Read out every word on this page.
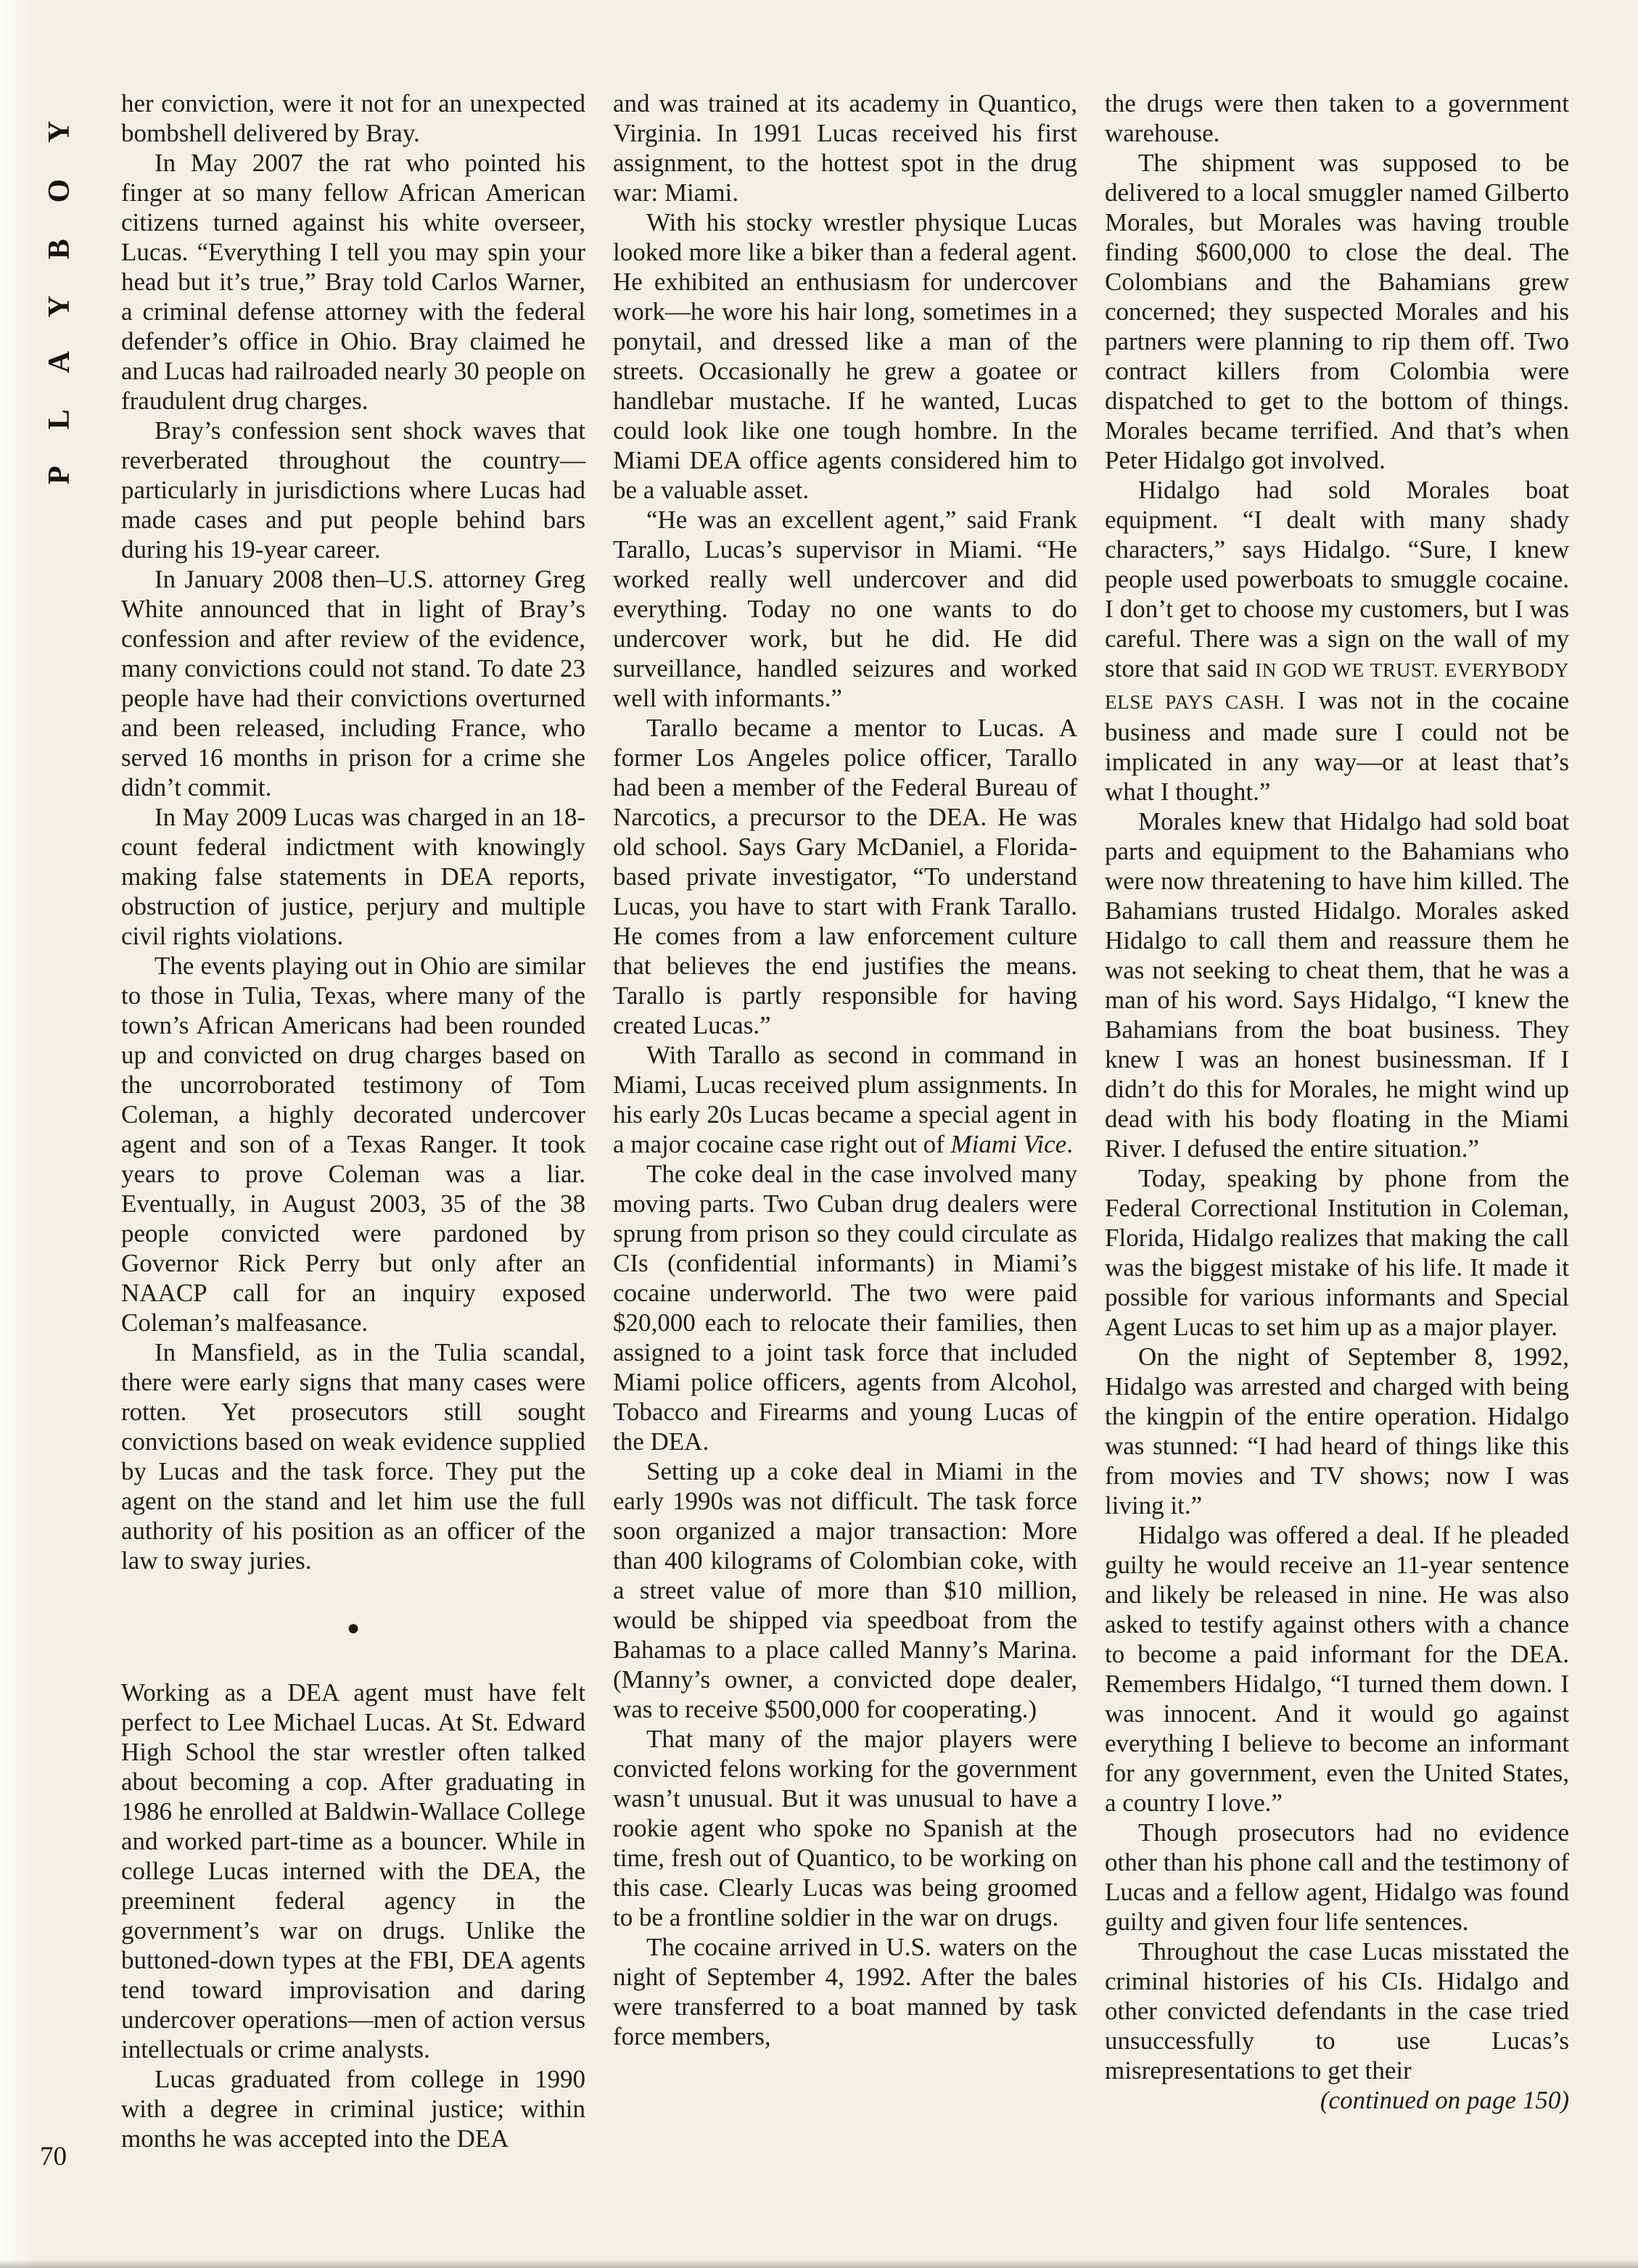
PLAYBOY
70

her conviction, were it not for an unexpected bombshell delivered by Bray.

In May 2007 the rat who pointed his finger at so many fellow African American citizens turned against his white overseer, Lucas. “Everything I tell you may spin your head but it’s true,” Bray told Carlos Warner, a criminal defense attorney with the federal defender’s office in Ohio. Bray claimed he and Lucas had railroaded nearly 30 people on fraudulent drug charges.

Bray’s confession sent shock waves that reverberated throughout the country—particularly in jurisdictions where Lucas had made cases and put people behind bars during his 19-year career.

In January 2008 then–U.S. attorney Greg White announced that in light of Bray’s confession and after review of the evidence, many convictions could not stand. To date 23 people have had their convictions overturned and been released, including France, who served 16 months in prison for a crime she didn’t commit.

In May 2009 Lucas was charged in an 18-count federal indictment with knowingly making false statements in DEA reports, obstruction of justice, perjury and multiple civil rights violations.

The events playing out in Ohio are similar to those in Tulia, Texas, where many of the town’s African Americans had been rounded up and convicted on drug charges based on the uncorroborated testimony of Tom Coleman, a highly decorated undercover agent and son of a Texas Ranger. It took years to prove Coleman was a liar. Eventually, in August 2003, 35 of the 38 people convicted were pardoned by Governor Rick Perry but only after an NAACP call for an inquiry exposed Coleman’s malfeasance.

In Mansfield, as in the Tulia scandal, there were early signs that many cases were rotten. Yet prosecutors still sought convictions based on weak evidence supplied by Lucas and the task force. They put the agent on the stand and let him use the full authority of his position as an officer of the law to sway juries.

●

Working as a DEA agent must have felt perfect to Lee Michael Lucas. At St. Edward High School the star wrestler often talked about becoming a cop. After graduating in 1986 he enrolled at Baldwin-Wallace College and worked part-time as a bouncer. While in college Lucas interned with the DEA, the preeminent federal agency in the government’s war on drugs. Unlike the buttoned-down types at the FBI, DEA agents tend toward improvisation and daring undercover operations—men of action versus intellectuals or crime analysts.

Lucas graduated from college in 1990 with a degree in criminal justice; within months he was accepted into the DEA

and was trained at its academy in Quantico, Virginia. In 1991 Lucas received his first assignment, to the hottest spot in the drug war: Miami.

With his stocky wrestler physique Lucas looked more like a biker than a federal agent. He exhibited an enthusiasm for undercover work—he wore his hair long, sometimes in a ponytail, and dressed like a man of the streets. Occasionally he grew a goatee or handlebar mustache. If he wanted, Lucas could look like one tough hombre. In the Miami DEA office agents considered him to be a valuable asset.

“He was an excellent agent,” said Frank Tarallo, Lucas’s supervisor in Miami. “He worked really well undercover and did everything. Today no one wants to do undercover work, but he did. He did surveillance, handled seizures and worked well with informants.”

Tarallo became a mentor to Lucas. A former Los Angeles police officer, Tarallo had been a member of the Federal Bureau of Narcotics, a precursor to the DEA. He was old school. Says Gary McDaniel, a Florida-based private investigator, “To understand Lucas, you have to start with Frank Tarallo. He comes from a law enforcement culture that believes the end justifies the means. Tarallo is partly responsible for having created Lucas.”

With Tarallo as second in command in Miami, Lucas received plum assignments. In his early 20s Lucas became a special agent in a major cocaine case right out of Miami Vice.

The coke deal in the case involved many moving parts. Two Cuban drug dealers were sprung from prison so they could circulate as CIs (confidential informants) in Miami’s cocaine underworld. The two were paid $20,000 each to relocate their families, then assigned to a joint task force that included Miami police officers, agents from Alcohol, Tobacco and Firearms and young Lucas of the DEA.

Setting up a coke deal in Miami in the early 1990s was not difficult. The task force soon organized a major transaction: More than 400 kilograms of Colombian coke, with a street value of more than $10 million, would be shipped via speedboat from the Bahamas to a place called Manny’s Marina. (Manny’s owner, a convicted dope dealer, was to receive $500,000 for cooperating.)

That many of the major players were convicted felons working for the government wasn’t unusual. But it was unusual to have a rookie agent who spoke no Spanish at the time, fresh out of Quantico, to be working on this case. Clearly Lucas was being groomed to be a frontline soldier in the war on drugs.

The cocaine arrived in U.S. waters on the night of September 4, 1992. After the bales were transferred to a boat manned by task force members,

the drugs were then taken to a government warehouse.

The shipment was supposed to be delivered to a local smuggler named Gilberto Morales, but Morales was having trouble finding $600,000 to close the deal. The Colombians and the Bahamians grew concerned; they suspected Morales and his partners were planning to rip them off. Two contract killers from Colombia were dispatched to get to the bottom of things. Morales became terrified. And that’s when Peter Hidalgo got involved.

Hidalgo had sold Morales boat equipment. “I dealt with many shady characters,” says Hidalgo. “Sure, I knew people used powerboats to smuggle cocaine. I don’t get to choose my customers, but I was careful. There was a sign on the wall of my store that said IN GOD WE TRUST. EVERYBODY ELSE PAYS CASH. I was not in the cocaine business and made sure I could not be implicated in any way—or at least that’s what I thought.”

Morales knew that Hidalgo had sold boat parts and equipment to the Bahamians who were now threatening to have him killed. The Bahamians trusted Hidalgo. Morales asked Hidalgo to call them and reassure them he was not seeking to cheat them, that he was a man of his word. Says Hidalgo, “I knew the Bahamians from the boat business. They knew I was an honest businessman. If I didn’t do this for Morales, he might wind up dead with his body floating in the Miami River. I defused the entire situation.”

Today, speaking by phone from the Federal Correctional Institution in Coleman, Florida, Hidalgo realizes that making the call was the biggest mistake of his life. It made it possible for various informants and Special Agent Lucas to set him up as a major player.

On the night of September 8, 1992, Hidalgo was arrested and charged with being the kingpin of the entire operation. Hidalgo was stunned: “I had heard of things like this from movies and TV shows; now I was living it.”

Hidalgo was offered a deal. If he pleaded guilty he would receive an 11-year sentence and likely be released in nine. He was also asked to testify against others with a chance to become a paid informant for the DEA. Remembers Hidalgo, “I turned them down. I was innocent. And it would go against everything I believe to become an informant for any government, even the United States, a country I love.”

Though prosecutors had no evidence other than his phone call and the testimony of Lucas and a fellow agent, Hidalgo was found guilty and given four life sentences.

Throughout the case Lucas misstated the criminal histories of his CIs. Hidalgo and other convicted defendants in the case tried unsuccessfully to use Lucas’s misrepresentations to get their

(continued on page 150)
